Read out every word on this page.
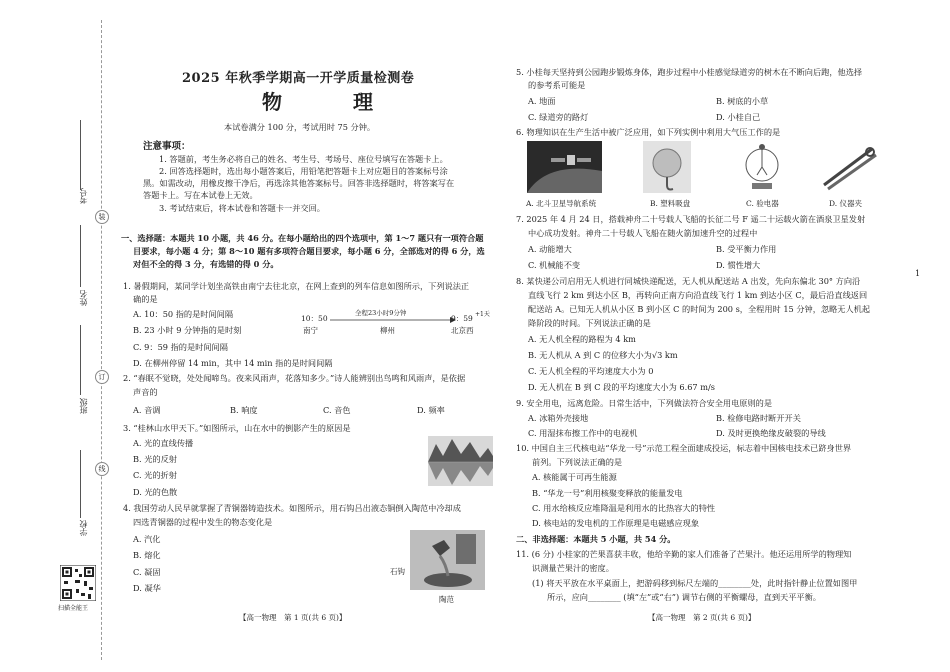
装
订
线
考号
姓名
班级
学校
扫描全能王
2025 年秋季学期高一开学质量检测卷
物 理
本试卷满分 100 分，考试用时 75 分钟。
注意事项：
1. 答题前，考生务必将自己的姓名、考生号、考场号、座位号填写在答题卡上。
2. 回答选择题时，选出每小题答案后，用铅笔把答题卡上对应题目的答案标号涂
黑。如需改动，用橡皮擦干净后，再选涂其他答案标号。回答非选择题时，将答案写在
答题卡上。写在本试卷上无效。
3. 考试结束后，将本试卷和答题卡一并交回。
一、选择题：本题共 10 小题，共 46 分。在每小题给出的四个选项中，第 1～7 题只有一项符合题
目要求，每小题 4 分；第 8～10 题有多项符合题目要求，每小题 6 分，全部选对的得 6 分，选
对但不全的得 3 分，有选错的得 0 分。
1. 暑假期间，某同学计划坐高铁由南宁去往北京，在网上查到的列车信息如图所示，下列说法正
确的是
A. 10：50 指的是时间间隔
B. 23 小时 9 分钟指的是时刻
C. 9：59 指的是时间间隔
D. 在柳州停留 14 min，其中 14 min 指的是时间间隔
10：50
南宁
全程23小时9分钟
柳州
9：59 +1天
北京西
2. “春眠不觉晓，处处闻啼鸟。夜来风雨声，花落知多少。”诗人能辨别出鸟鸣和风雨声，是依据
声音的
A. 音调	B. 响度	C. 音色	D. 频率
3. “桂林山水甲天下。”如图所示，山在水中的倒影产生的原因是
A. 光的直线传播
B. 光的反射
C. 光的折射
D. 光的色散
4. 我国劳动人民早就掌握了青铜器铸造技术。如图所示，用石钩吕出液态铜倒入陶范中冷却成
四选青铜器的过程中发生的物态变化是
A. 汽化
B. 熔化
C. 凝固
D. 凝华
石钩
陶范
【高一物理　第 1 页(共 6 页)】
5. 小桂每天坚持到公园跑步锻炼身体，跑步过程中小桂感觉绿道旁的树木在不断向后跑，他选择
的参考系可能是
A. 地面	B. 树底的小草
C. 绿道旁的路灯	D. 小桂自己
6. 物理知识在生产生活中被广泛应用，如下列实例中利用大气压工作的是
A. 北斗卫星导航系统	B. 塑料吸盘	C. 验电器	D. 仪器夹
7. 2025 年 4 月 24 日，搭载神舟二十号载人飞船的长征二号 F 遥二十运载火箭在酒泉卫星发射
中心成功发射。神舟二十号载人飞船在随火箭加速升空的过程中
A. 动能增大	B. 受平衡力作用
C. 机械能不变	D. 惯性增大
8. 某快递公司启用无人机进行同城快递配送，无人机从配送站 A 出发，先向东偏北 30° 方向沿
直线飞行 2 km 到达小区 B，再转向正南方向沿直线飞行 1 km 到达小区 C，最后沿直线返回
配送站 A。已知无人机从小区 B 到小区 C 的时间为 200 s，全程用时 15 分钟，忽略无人机起
降阶段的时间。下列说法正确的是
A. 无人机全程的路程为 4 km
B. 无人机从 A 到 C 的位移大小为√3 km
C. 无人机全程的平均速度大小为 0
D. 无人机在 B 到 C 段的平均速度大小为 6.67 m/s
9. 安全用电，远离危险。日常生活中，下列做法符合安全用电原则的是
A. 冰箱外壳接地	B. 检修电路时断开开关
C. 用湿抹布擦工作中的电视机	D. 及时更换绝缘皮破裂的导线
10. 中国自主三代核电站“华龙一号”示范工程全面建成投运，标志着中国核电技术已跻身世界
前列。下列说法正确的是
A. 核能属于可再生能源
B. “华龙一号”利用核聚变释放的能量发电
C. 用水给核反应堆降温是利用水的比热容大的特性
D. 核电站的发电机的工作原理是电磁感应现象
二、非选择题：本题共 5 小题，共 54 分。
11. (6 分) 小桂家的芒果喜获丰收，他给辛勤的家人们准备了芒果汁。他还运用所学的物理知
识测量芒果汁的密度。
(1) 将天平放在水平桌面上，把游码移到标尺左端的________处，此时指针静止位置如图甲
所示，应向________ (填“左”或“右”) 调节右侧的平衡螺母，直到天平平衡。
【高一物理　第 2 页(共 6 页)】
1
